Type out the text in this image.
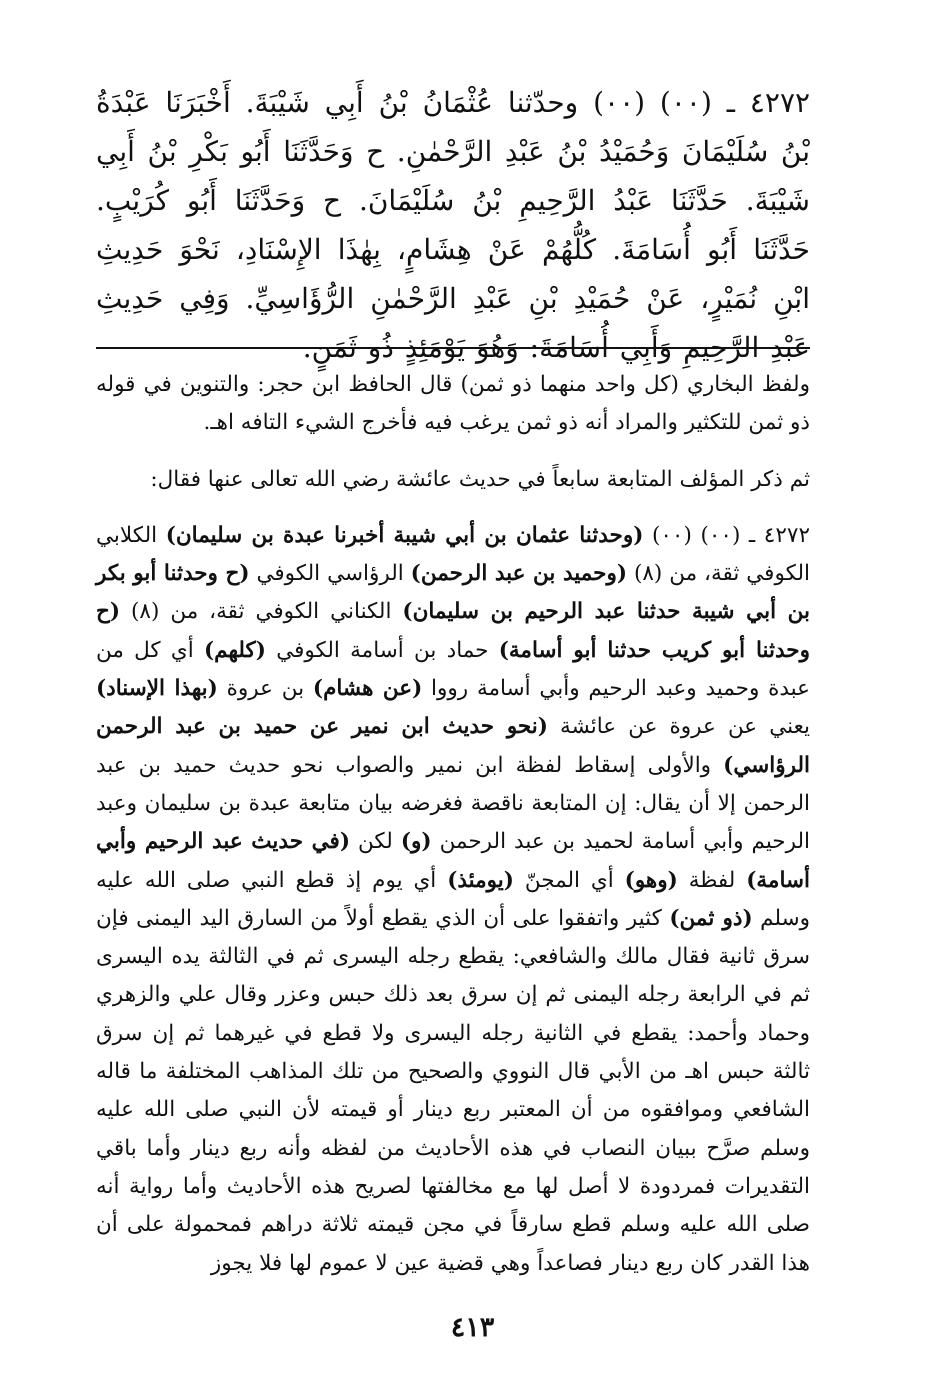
٤٢٧٢ ـ (٠٠) (٠٠) وحدّثنا عُثْمَانُ بْنُ أَبِي شَيْبَةَ. أَخْبَرَنَا عَبْدَةُ بْنُ سُلَيْمَانَ وَحُمَيْدُ بْنُ عَبْدِ الرَّحْمٰنِ. ح وَحَدَّثَنَا أَبُو بَكْرِ بْنُ أَبِي شَيْبَةَ. حَدَّثَنَا عَبْدُ الرَّحِيمِ بْنُ سُلَيْمَانَ. ح وَحَدَّثَنَا أَبُو كُرَيْبٍ. حَدَّثَنَا أَبُو أُسَامَةَ. كُلُّهُمْ عَنْ هِشَامٍ، بِهٰذَا الإِسْنَادِ، نَحْوَ حَدِيثِ ابْنِ نُمَيْرٍ، عَنْ حُمَيْدِ بْنِ عَبْدِ الرَّحْمٰنِ الرُّؤَاسِيِّ. وَفِي حَدِيثِ عَبْدِ الرَّحِيمِ وَأَبِي أُسَامَةَ: وَهُوَ يَوْمَئِذٍ ذُو ثَمَنٍ.

ولفظ البخاري (كل واحد منهما ذو ثمن) قال الحافظ ابن حجر: والتنوين في قوله ذو ثمن للتكثير والمراد أنه ذو ثمن يرغب فيه فأخرج الشيء التافه اهـ.

ثم ذكر المؤلف المتابعة سابعاً في حديث عائشة رضي الله تعالى عنها فقال:

٤٢٧٢ ـ (٠٠) (٠٠) (وحدثنا عثمان بن أبي شيبة أخبرنا عبدة بن سليمان) الكلابي الكوفي ثقة، من (٨) (وحميد بن عبد الرحمن) الرؤاسي الكوفي (ح وحدثنا أبو بكر بن أبي شيبة حدثنا عبد الرحيم بن سليمان) الكناني الكوفي ثقة، من (٨) (ح وحدثنا أبو كريب حدثنا أبو أسامة) حماد بن أسامة الكوفي (كلهم) أي كل من عبدة وحميد وعبد الرحيم وأبي أسامة رووا (عن هشام) بن عروة (بهذا الإسناد) يعني عن عروة عن عائشة (نحو حديث ابن نمير عن حميد بن عبد الرحمن الرؤاسي) والأولى إسقاط لفظة ابن نمير والصواب نحو حديث حميد بن عبد الرحمن إلا أن يقال: إن المتابعة ناقصة فغرضه بيان متابعة عبدة بن سليمان وعبد الرحيم وأبي أسامة لحميد بن عبد الرحمن (و) لكن (في حديث عبد الرحيم وأبي أسامة) لفظة (وهو) أي المجنّ (يومئذ) أي يوم إذ قطع النبي صلى الله عليه وسلم (ذو ثمن) كثير واتفقوا على أن الذي يقطع أولاً من السارق اليد اليمنى فإن سرق ثانية فقال مالك والشافعي: يقطع رجله اليسرى ثم في الثالثة يده اليسرى ثم في الرابعة رجله اليمنى ثم إن سرق بعد ذلك حبس وعزر وقال علي والزهري وحماد وأحمد: يقطع في الثانية رجله اليسرى ولا قطع في غيرهما ثم إن سرق ثالثة حبس اهـ من الأبي قال النووي والصحيح من تلك المذاهب المختلفة ما قاله الشافعي وموافقوه من أن المعتبر ربع دينار أو قيمته لأن النبي صلى الله عليه وسلم صرَّح ببيان النصاب في هذه الأحاديث من لفظه وأنه ربع دينار وأما باقي التقديرات فمردودة لا أصل لها مع مخالفتها لصريح هذه الأحاديث وأما رواية أنه صلى الله عليه وسلم قطع سارقاً في مجن قيمته ثلاثة دراهم فمحمولة على أن هذا القدر كان ربع دينار فصاعداً وهي قضية عين لا عموم لها فلا يجوز

٤١٣
